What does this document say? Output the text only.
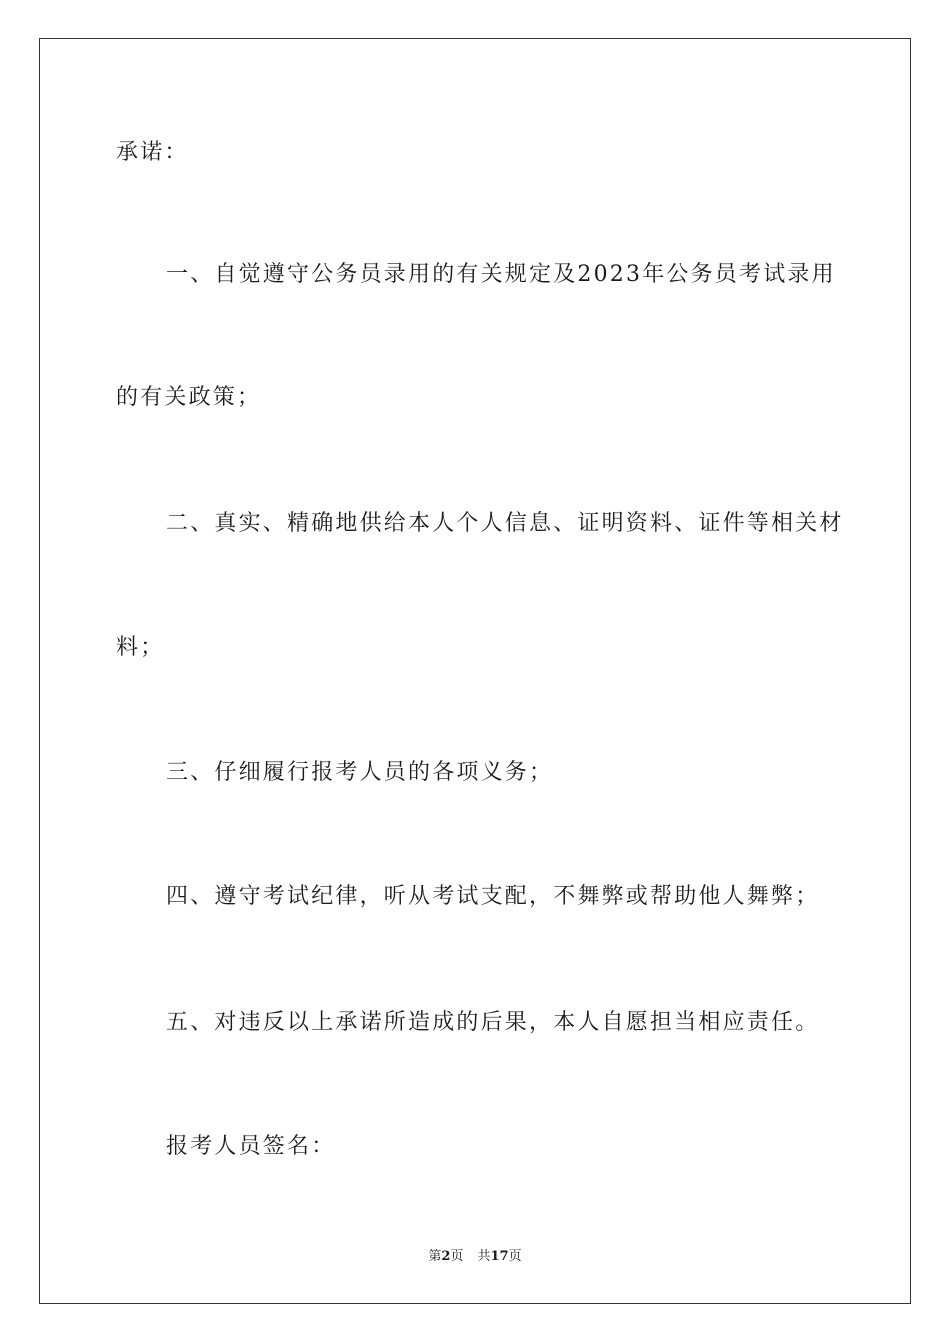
承诺：
一、自觉遵守公务员录用的有关规定及2023年公务员考试录用
的有关政策；
二、真实、精确地供给本人个人信息、证明资料、证件等相关材
料；
三、仔细履行报考人员的各项义务；
四、遵守考试纪律，听从考试支配，不舞弊或帮助他人舞弊；
五、对违反以上承诺所造成的后果，本人自愿担当相应责任。
报考人员签名：
第2页 共17页
